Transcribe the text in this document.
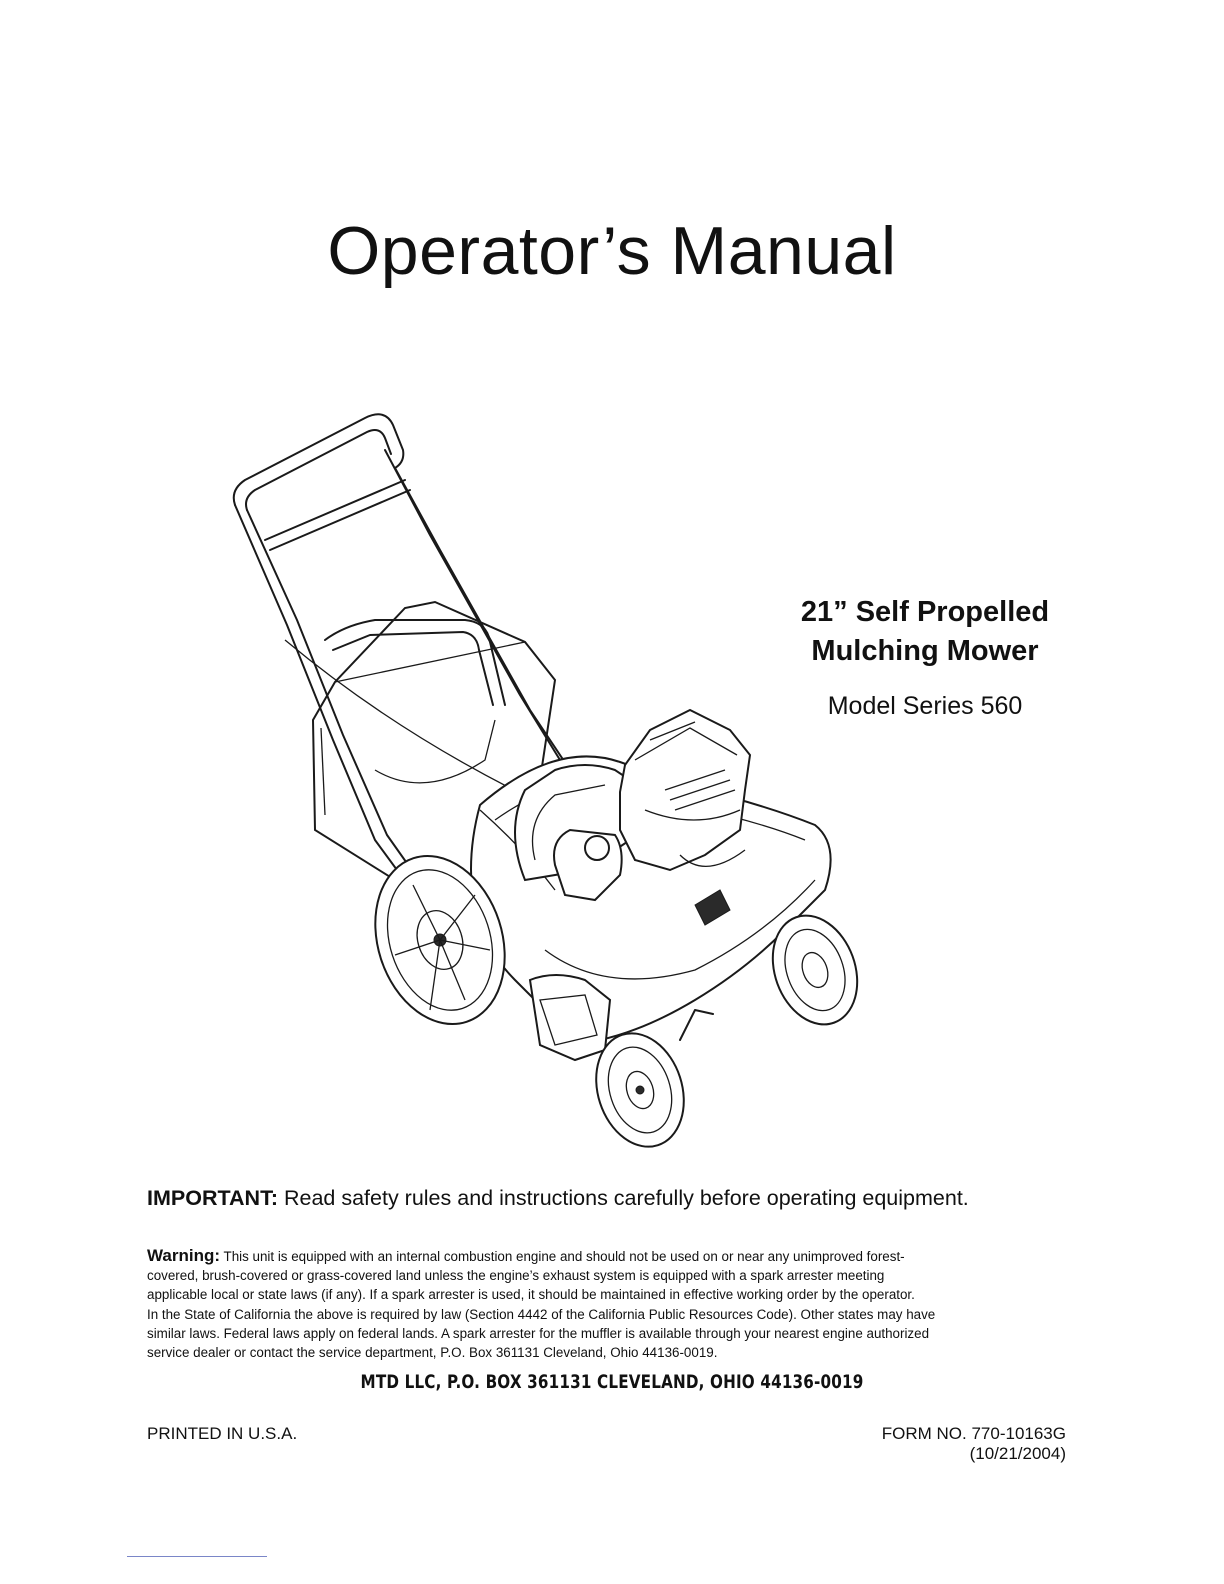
Operator’s Manual
21” Self Propelled
Mulching Mower
Model Series 560
IMPORTANT: Read safety rules and instructions carefully before operating equipment.
Warning: This unit is equipped with an internal combustion engine and should not be used on or near any unimproved forest-
covered, brush-covered or grass-covered land unless the engine’s exhaust system is equipped with a spark arrester meeting
applicable local or state laws (if any). If a spark arrester is used, it should be maintained in effective working order by the operator.
In the State of California the above is required by law (Section 4442 of the California Public Resources Code). Other states may have
similar laws. Federal laws apply on federal lands. A spark arrester for the muffler is available through your nearest engine authorized
service dealer or contact the service department, P.O. Box 361131 Cleveland, Ohio 44136-0019.
MTD LLC, P.O. BOX 361131 CLEVELAND, OHIO 44136-0019
PRINTED IN U.S.A.	FORM NO. 770-10163G
(10/21/2004)
